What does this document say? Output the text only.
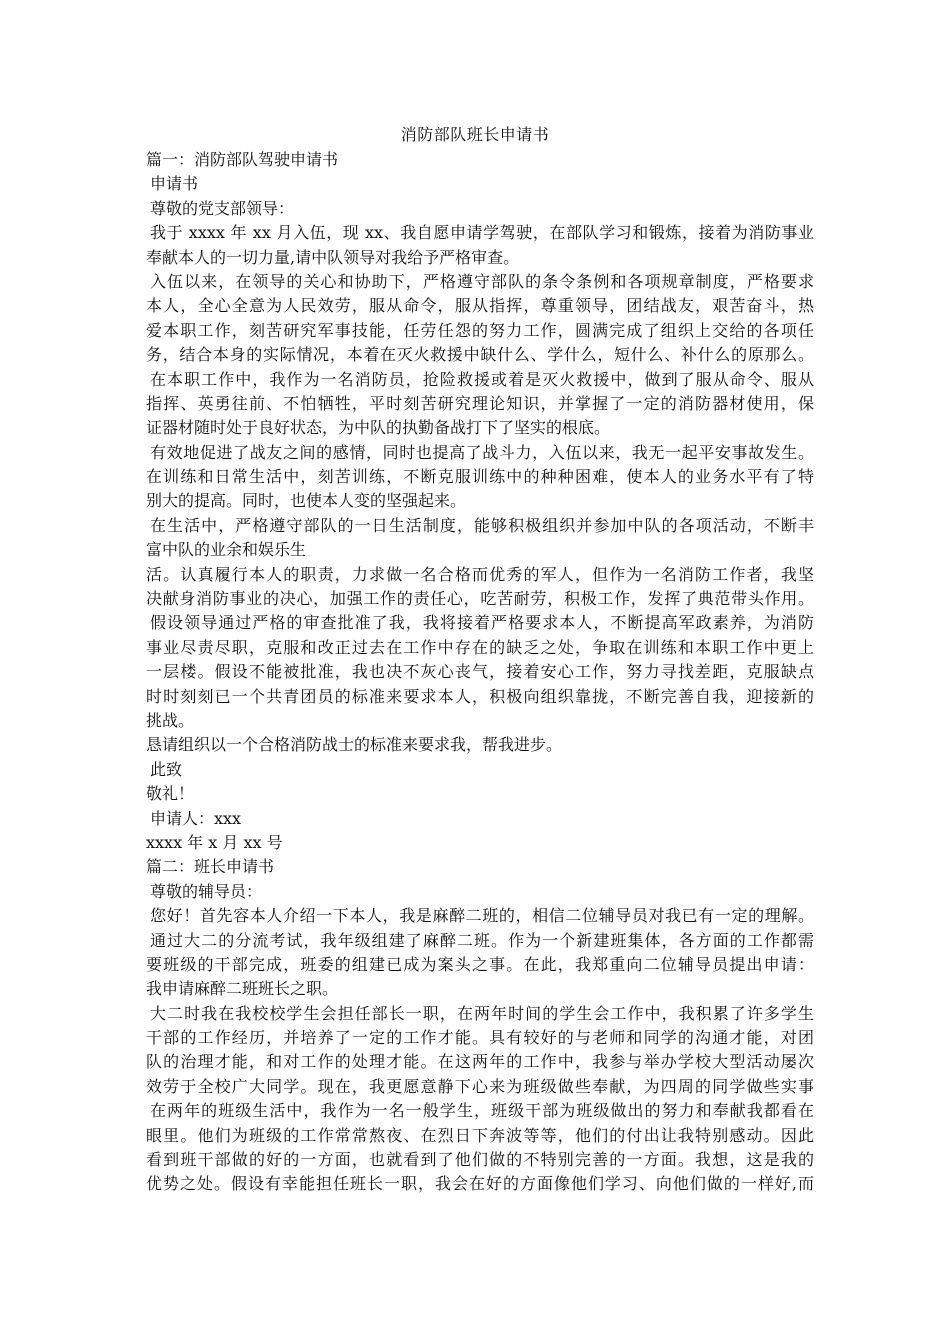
消防部队班长申请书
篇一：消防部队驾驶申请书
申请书
尊敬的党支部领导：
我于 xxxx 年 xx 月入伍，现 xx、我自愿申请学驾驶，在部队学习和锻炼，接着为消防事业
奉献本人的一切力量,请中队领导对我给予严格审查。
入伍以来，在领导的关心和协助下，严格遵守部队的条令条例和各项规章制度，严格要求
本人，全心全意为人民效劳，服从命令，服从指挥，尊重领导，团结战友，艰苦奋斗，热
爱本职工作，刻苦研究军事技能，任劳任怨的努力工作，圆满完成了组织上交给的各项任
务，结合本身的实际情况，本着在灭火救援中缺什么、学什么，短什么、补什么的原那么。
在本职工作中，我作为一名消防员，抢险救援或着是灭火救援中，做到了服从命令、服从
指挥、英勇往前、不怕牺牲，平时刻苦研究理论知识，并掌握了一定的消防器材使用，保
证器材随时处于良好状态，为中队的执勤备战打下了坚实的根底。
有效地促进了战友之间的感情，同时也提高了战斗力，入伍以来，我无一起平安事故发生。
在训练和日常生活中，刻苦训练，不断克服训练中的种种困难，使本人的业务水平有了特
别大的提高。同时，也使本人变的坚强起来。
在生活中，严格遵守部队的一日生活制度，能够积极组织并参加中队的各项活动，不断丰
富中队的业余和娱乐生
活。认真履行本人的职责，力求做一名合格而优秀的军人，但作为一名消防工作者，我坚
决献身消防事业的决心，加强工作的责任心，吃苦耐劳，积极工作，发挥了典范带头作用。
假设领导通过严格的审查批准了我，我将接着严格要求本人，不断提高军政素养，为消防
事业尽责尽职，克服和改正过去在工作中存在的缺乏之处，争取在训练和本职工作中更上
一层楼。假设不能被批准，我也决不灰心丧气，接着安心工作，努力寻找差距，克服缺点
时时刻刻已一个共青团员的标准来要求本人，积极向组织靠拢，不断完善自我，迎接新的
挑战。
恳请组织以一个合格消防战士的标准来要求我，帮我进步。
此致
敬礼！
申请人：xxx
xxxx 年 x 月 xx 号
篇二：班长申请书
尊敬的辅导员：
您好！首先容本人介绍一下本人，我是麻醉二班的，相信二位辅导员对我已有一定的理解。
通过大二的分流考试，我年级组建了麻醉二班。作为一个新建班集体，各方面的工作都需
要班级的干部完成，班委的组建已成为案头之事。在此，我郑重向二位辅导员提出申请：
我申请麻醉二班班长之职。
大二时我在我校校学生会担任部长一职，在两年时间的学生会工作中，我积累了许多学生
干部的工作经历，并培养了一定的工作才能。具有较好的与老师和同学的沟通才能，对团
队的治理才能，和对工作的处理才能。在这两年的工作中，我参与举办学校大型活动屡次
效劳于全校广大同学。现在，我更愿意静下心来为班级做些奉献，为四周的同学做些实事
在两年的班级生活中，我作为一名一般学生，班级干部为班级做出的努力和奉献我都看在
眼里。他们为班级的工作常常熬夜、在烈日下奔波等等，他们的付出让我特别感动。因此
看到班干部做的好的一方面，也就看到了他们做的不特别完善的一方面。我想，这是我的
优势之处。假设有幸能担任班长一职，我会在好的方面像他们学习、向他们做的一样好,而
